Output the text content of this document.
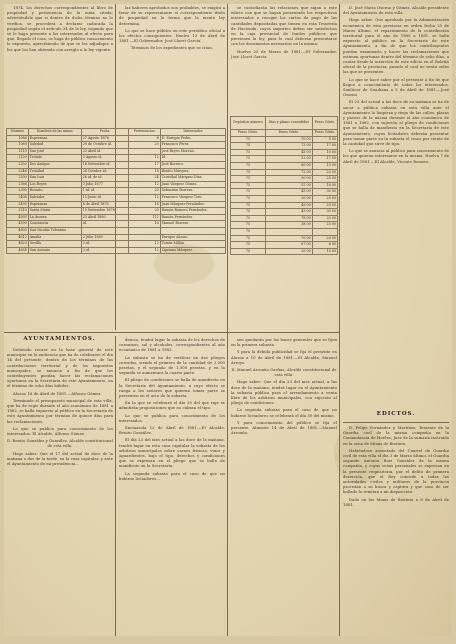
1874, los derechos correspondientes al libro de propiedad y pertenencia de la mina citada; advirtiéndole que si dentro de dicho término no lo verifica, se procederá a declarar caducada la propiedad según el artículo 34 de la ley, rogando que se le haga presente a los interesados al efecto para que, llegado el caso, se haga de público conocimiento lo expuesto, apercibiendo de que se les adjudique a los que los han obtenido con arreglo a la ley vigente.

las haberes aprobados son probables, se exigirá a favor de su representante el correspondiente título de propiedad en la forma que la mente ley determina.

Lo que se hace público en este periódico oficial a los efectos consiguientes. Huelva 12 de Abril de 1881.—El Gobernador, José Lloret García.

Términos de los expedientes que se citan.

se custodiarán las relaciones que sigan a este edicto con que se hayan presentado los respectivos interesados a recoger los cartas de pago de las cantidades depositadas que tienen en esta Tesorería de Hacienda, cuyos importes deben ser satisfechos en la caja provincial de fondos públicos que previenen la ley, para lo cual deberán presentarse con los documentos necesarios en la misma.

Huelva 23 de Marzo de 1881.—El Gobernador, José Lloret García.

Número	Nombres de las minas	Fecha	Pertenencias	Interesados
1086	Esperanza	27 Agosto 1876	6	D. Enrique Pedro.
1089	Soledad	29 de Octubre id.	20	Francisco Pérez.
1110	San José	23 Abril id.		José Reyes Moreno.
2120	Triunfo	3 Agosto id.	12	Id.
2250	Dos Amigos	18 Setiembre id.	17	José Borrero.
2246	Trinidad	24 Octubre id.	18	Benito Márquez.
2300	San Luis	26 id. de id.	24	Cristóbal Márquez Díaz.
2366	Los Reyes	3 Julio 1877	12	Juan Vázquez Gómez.
2390	Rosario	1 id. id.	20	Sebastián Borrero.
2408	Salvador	15 Junio id.	12	Francisco Vázquez Toro.
2495	Esperanza	8 de Abril 1878	16	Juan Márquez Fernández.
2510	Santa María	10 Setiembre 1878	20	Ramón Romero Fernández.
4593	La Aurora	23 Abril 1880	112	Ramón Fernández.
4590	Constancia	id.	16	Manuel Borrero.
4605	San Nicolás Tolentino			
4612	Amalia	2 Julio 1880		Enrique Alonso.
4620	Sevilla	3 id.	12	Tomás Millán.
4654	San Antonio	3 id.	12	Cipriano Márquez.
Depósitos número	Días y plazos concedidos	Pesos Cénts.
Pesos Cénts.	Pesos Cénts.	Pesos Cénts.
75	70 00	5 00
75	73 00	17 00
75	45 00	10 00
75	52 00	17 00
75	60 00	15 00
75	72 00	25 00
75	30 00	25 00
75	52 00	18 00
75	45 00	30 00
75	20 00	25 00
75	45 00	20 00
75	45 00	30 00
75	78 00	20 00
75	38 00	25 00
75		
75	70 00	20 00
75	67 00	6 00
75	20 00	15 00

D. José María Osorno y Gómez, Alcalde presidente del Ayuntamiento de esta villa.

Hago saber: Que aprobado por la Administración económica de esta provincia en orden fecha 25 de Marzo último, el repartimiento de la contribución territorial para el año de 1880 a 1881, se halla expuesto al público en la Secretaría de este Ayuntamiento, a fin de que los contribuyentes puedan examinarlo y hacer las reclamaciones que estimen oportunas dentro del término de ocho días, a contar desde la inserción de este edicto en el Boletín oficial de la provincia, pasado el cual no serán oídas las que se presenten.

Lo que se hace saber por el presente a fin de que llegue a conocimiento de todos los interesados. Sanlúcar de Guadiana a 5 de Abril de 1881.—José Osorno.

El 23 del actual a las doce de su mañana se ha de sacar a pública subasta en esta villa ante el Ayuntamiento la limpieza y riego de las calles, plazas y paseos de la misma durante el año económico de 1881 a 1882, con sujeción al pliego de condiciones que se halla de manifiesto en la Secretaría de este Ayuntamiento, cuyos licitadores deberán presentar para tomar parte en la subasta el cinco por ciento de la cantidad que sirve de tipo.

Lo que se anuncia al público para conocimiento de los que quieran interesarse en la misma. Huelva 7 de Abril de 1881.—El Alcalde, Vicente Romero.

AYUNTAMIENTOS.
EDICTOS.

Debiendo recaer en la base general de este municipio en la audiencia que ha de celebrarse el día 14 del presente, dentro de los términos de las contribuciones territorial y de los impuestos municipales, se anuncia a fin de que los contribuyentes puedan hacer las reclamaciones oportunas en la Secretaría de este Ayuntamiento, en el término de ocho días hábiles.

Alosno 16 de Abril de 1881.—Alfonso Gómez.

Terminado el presupuesto municipal de esta villa, que ha de regir durante el año económico de 1881 a 1882, se halla expuesto al público en la Secretaría de este Ayuntamiento por término de quince días para las reclamaciones.

Lo que se publica para conocimiento de los interesados. El Alcalde, Alfonso Gómez.

D. Benito González y González, Alcalde constitucional de esta villa.

Hago saber: Que el 17 del actual de doce de la mañana a dos de la tarde, en la casa capitular, y ante el Ayuntamiento de mi presidencia...

dencia, tendrá lugar la subasta de los derechos de consumos, sal y alcoholes, correspondientes al año económico de 1881 a 1882.

La subasta se ha de verificar en dos pliegos cerrados, siendo el primero de la cantidad de 2.500 pesetas, y el segundo de 1.500 pesetas, y en la segunda se aumentará la cuarta parte.

El pliego de condiciones se halla de manifiesto en la Secretaría del Ayuntamiento, a cuyo efecto se ruega a los señores que quieran tomar parte se presenten en el acto de la subasta.

En la que se celebrará el día 20 del que rige se admitirán proposiciones que no cubran el tipo.

Lo que se publica para conocimiento de los interesados.

Encinasola 12 de Abril de 1881.—El Alcalde, Benito González.

El día 23 del mes actual a las doce de la mañana, tendrá lugar en esta casa capitular la subasta de los arbitrios municipales sobre carnes frescas, vinos y aguardientes, bajo el tipo, derechos y condiciones que se expresan en el pliego que se halla de manifiesto en la Secretaría.

La segunda subasta para el caso de que no hubiese licitadores...

sen quedarán por las bases generales que se fijen en la primera subasta.

Y para la debida publicidad se fija el presente en Alosno a 10 de Abril de 1881.—El Alcalde, Manuel Arroyo.

D. Manuel Arrouño Garfias, Alcalde constitucional de esta villa.

Hago saber: Que el día 23 del mes actual, a las doce de la mañana, tendrá lugar en el Ayuntamiento la subasta pública para el arrendamiento a venta libre de los arbitrios municipales, con sujeción al pliego de condiciones.

La segunda subasta para el caso de que no hubiese licitadores se celebrará el día 30 del mismo.

Y para conocimiento del público se fija el presente. Almonte 14 de Abril de 1881.—Manuel Arrouño.

D. Felipe Fernández y Martínez, Teniente de la Guardia civil de la misma compañía en la Comandancia de Huelva, Juez de la sumaria instruida en la zona de Minas de Riotinto.

Habiéndose ausentado del Cuartel de Guardia civil de esta villa el día 3 de Marzo último, el Guardia segundo Antonio Ruiz González de la misma compañía, y cuyas señas personales se expresan en la presente requisitoria, por el delito de primera deserción, que el Rey concede a todas las autoridades civiles y militares de la provincia procedan a su busca y captura y que caso de ser hallado lo remitan a mi disposición.

Dado en las Minas de Riotinto a 6 de Abril de 1881.
